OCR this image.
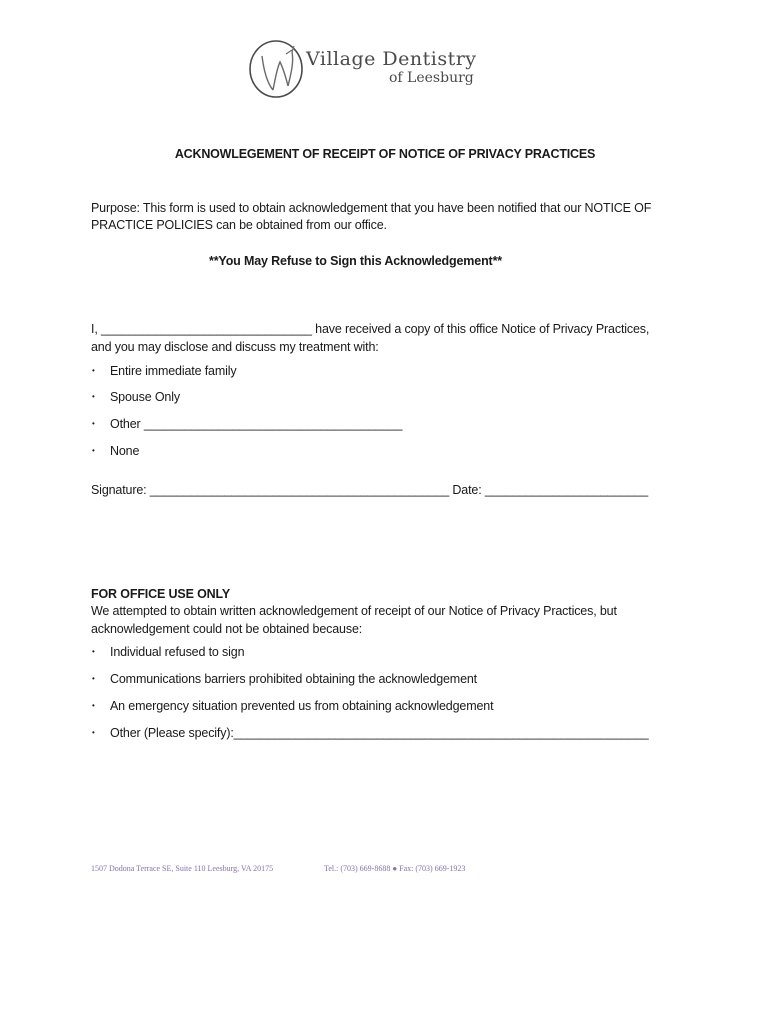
Village Dentistry
of Leesburg
ACKNOWLEGEMENT OF RECEIPT OF NOTICE OF PRIVACY PRACTICES
Purpose: This form is used to obtain acknowledgement that you have been notified that our NOTICE OF
PRACTICE POLICIES can be obtained from our office.
**You May Refuse to Sign this Acknowledgement**
I, _______________________________ have received a copy of this office Notice of Privacy Practices,
and you may disclose and discuss my treatment with:
• Entire immediate family
• Spouse Only
• Other ______________________________________
• None
Signature: ____________________________________________ Date: ________________________
FOR OFFICE USE ONLY
We attempted to obtain written acknowledgement of receipt of our Notice of Privacy Practices, but
acknowledgement could not be obtained because:
• Individual refused to sign
• Communications barriers prohibited obtaining the acknowledgement
• An emergency situation prevented us from obtaining acknowledgement
• Other (Please specify):_____________________________________________________________
1507 Dodona Terrace SE, Suite 110 Leesburg, VA 20175	Tel.: (703) 669-8688 ● Fax: (703) 669-1923
